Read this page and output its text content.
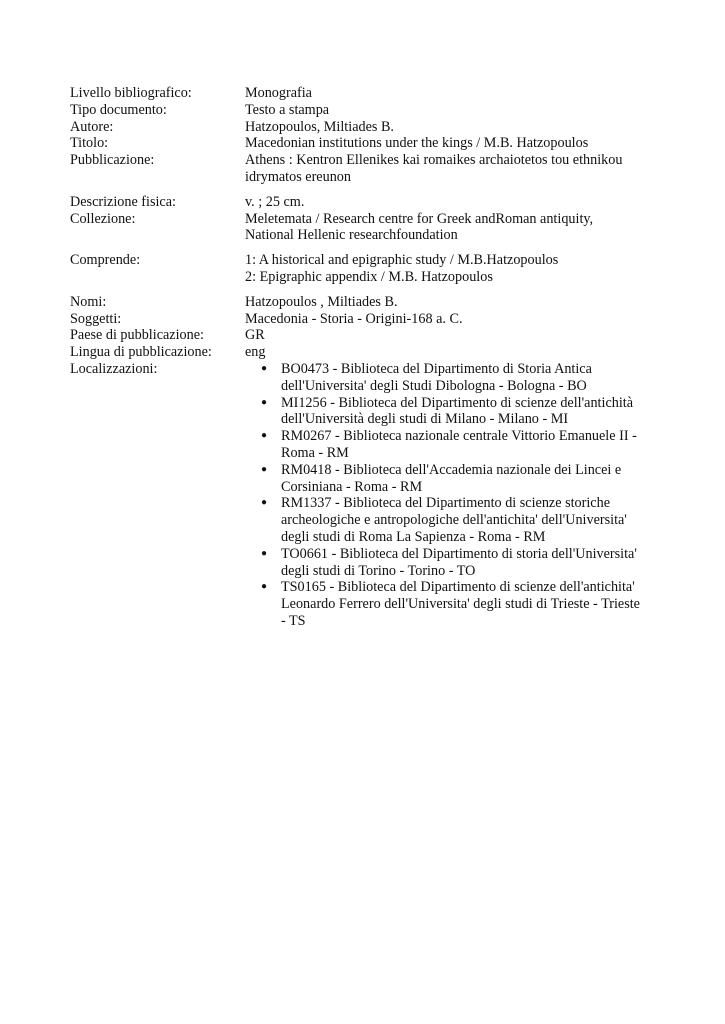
Livello bibliografico:	Monografia
Tipo documento:	Testo a stampa
Autore:	Hatzopoulos, Miltiades B.
Titolo:	Macedonian institutions under the kings / M.B. Hatzopoulos
Pubblicazione:	Athens : Kentron Ellenikes kai romaikes archaiotetos tou ethnikou
idrymatos ereunon
Descrizione fisica:	v. ; 25 cm.
Collezione:	Meletemata / Research centre for Greek andRoman antiquity,
National Hellenic researchfoundation
Comprende:	1: A historical and epigraphic study / M.B.Hatzopoulos
2: Epigraphic appendix / M.B. Hatzopoulos
Nomi:	Hatzopoulos , Miltiades B.
Soggetti:	Macedonia - Storia - Origini-168 a. C.
Paese di pubblicazione:	GR
Lingua di pubblicazione:	eng
Localizzazioni:	● BO0473 - Biblioteca del Dipartimento di Storia Antica
dell'Universita' degli Studi Dibologna - Bologna - BO
● MI1256 - Biblioteca del Dipartimento di scienze dell'antichità
dell'Università degli studi di Milano - Milano - MI
● RM0267 - Biblioteca nazionale centrale Vittorio Emanuele II -
Roma - RM
● RM0418 - Biblioteca dell'Accademia nazionale dei Lincei e
Corsiniana - Roma - RM
● RM1337 - Biblioteca del Dipartimento di scienze storiche
archeologiche e antropologiche dell'antichita' dell'Universita'
degli studi di Roma La Sapienza - Roma - RM
● TO0661 - Biblioteca del Dipartimento di storia dell'Universita'
degli studi di Torino - Torino - TO
● TS0165 - Biblioteca del Dipartimento di scienze dell'antichita'
Leonardo Ferrero dell'Universita' degli studi di Trieste - Trieste
- TS
